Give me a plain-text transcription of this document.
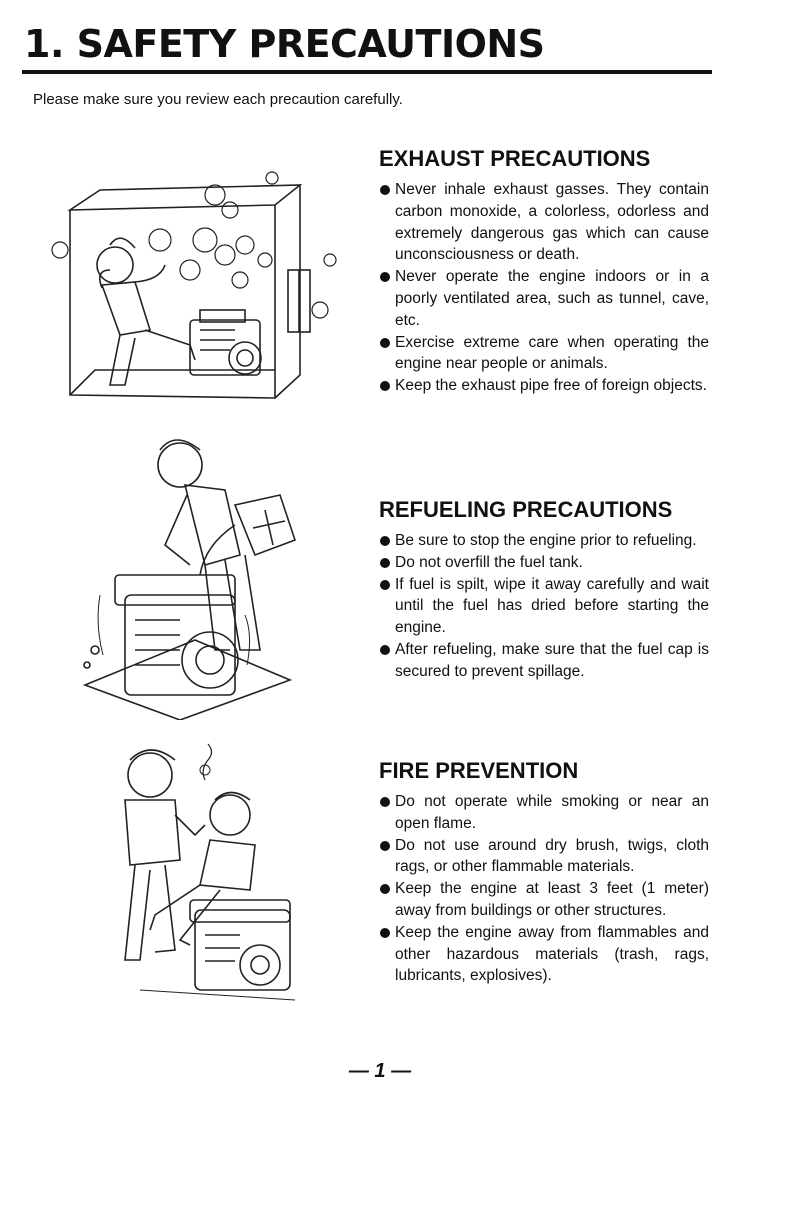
1. SAFETY PRECAUTIONS

Please make sure you review each precaution carefully.

EXHAUST PRECAUTIONS
Never inhale exhaust gasses. They contain carbon monoxide, a colorless, odorless and extremely dangerous gas which can cause unconsciousness or death.
Never operate the engine indoors or in a poorly ventilated area, such as tunnel, cave, etc.
Exercise extreme care when operating the engine near people or animals.
Keep the exhaust pipe free of foreign objects.
REFUELING PRECAUTIONS
Be sure to stop the engine prior to refueling.
Do not overfill the fuel tank.
If fuel is spilt, wipe it away carefully and wait until the fuel has dried before starting the engine.
After refueling, make sure that the fuel cap is secured to prevent spillage.
FIRE PREVENTION
Do not operate while smoking or near an open flame.
Do not use around dry brush, twigs, cloth rags, or other flammable materials.
Keep the engine at least 3 feet (1 meter) away from buildings or other structures.
Keep the engine away from flammables and other hazardous materials (trash, rags, lubricants, explosives).
— 1 —
